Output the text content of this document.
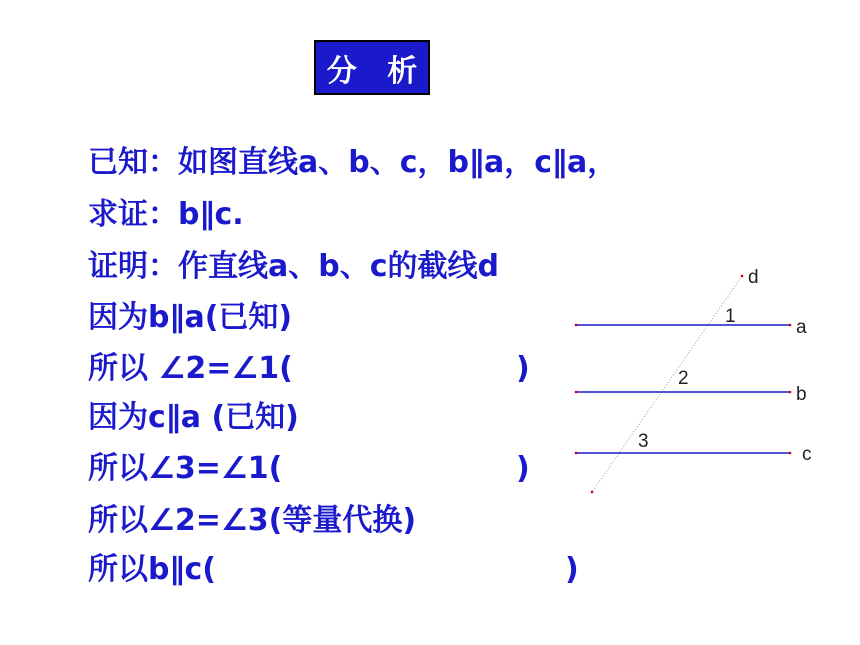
分 析
已知：如图直线a、b、c，b∥a，c∥a，
求证：b∥c.
证明：作直线a、b、c的截线d
因为b∥a(已知)
所以 ∠2=∠1(	)
因为c∥a (已知)
所以∠3=∠1(	)
所以∠2=∠3(等量代换)
所以b∥c(	)
d
a
b
c
1
2
3
